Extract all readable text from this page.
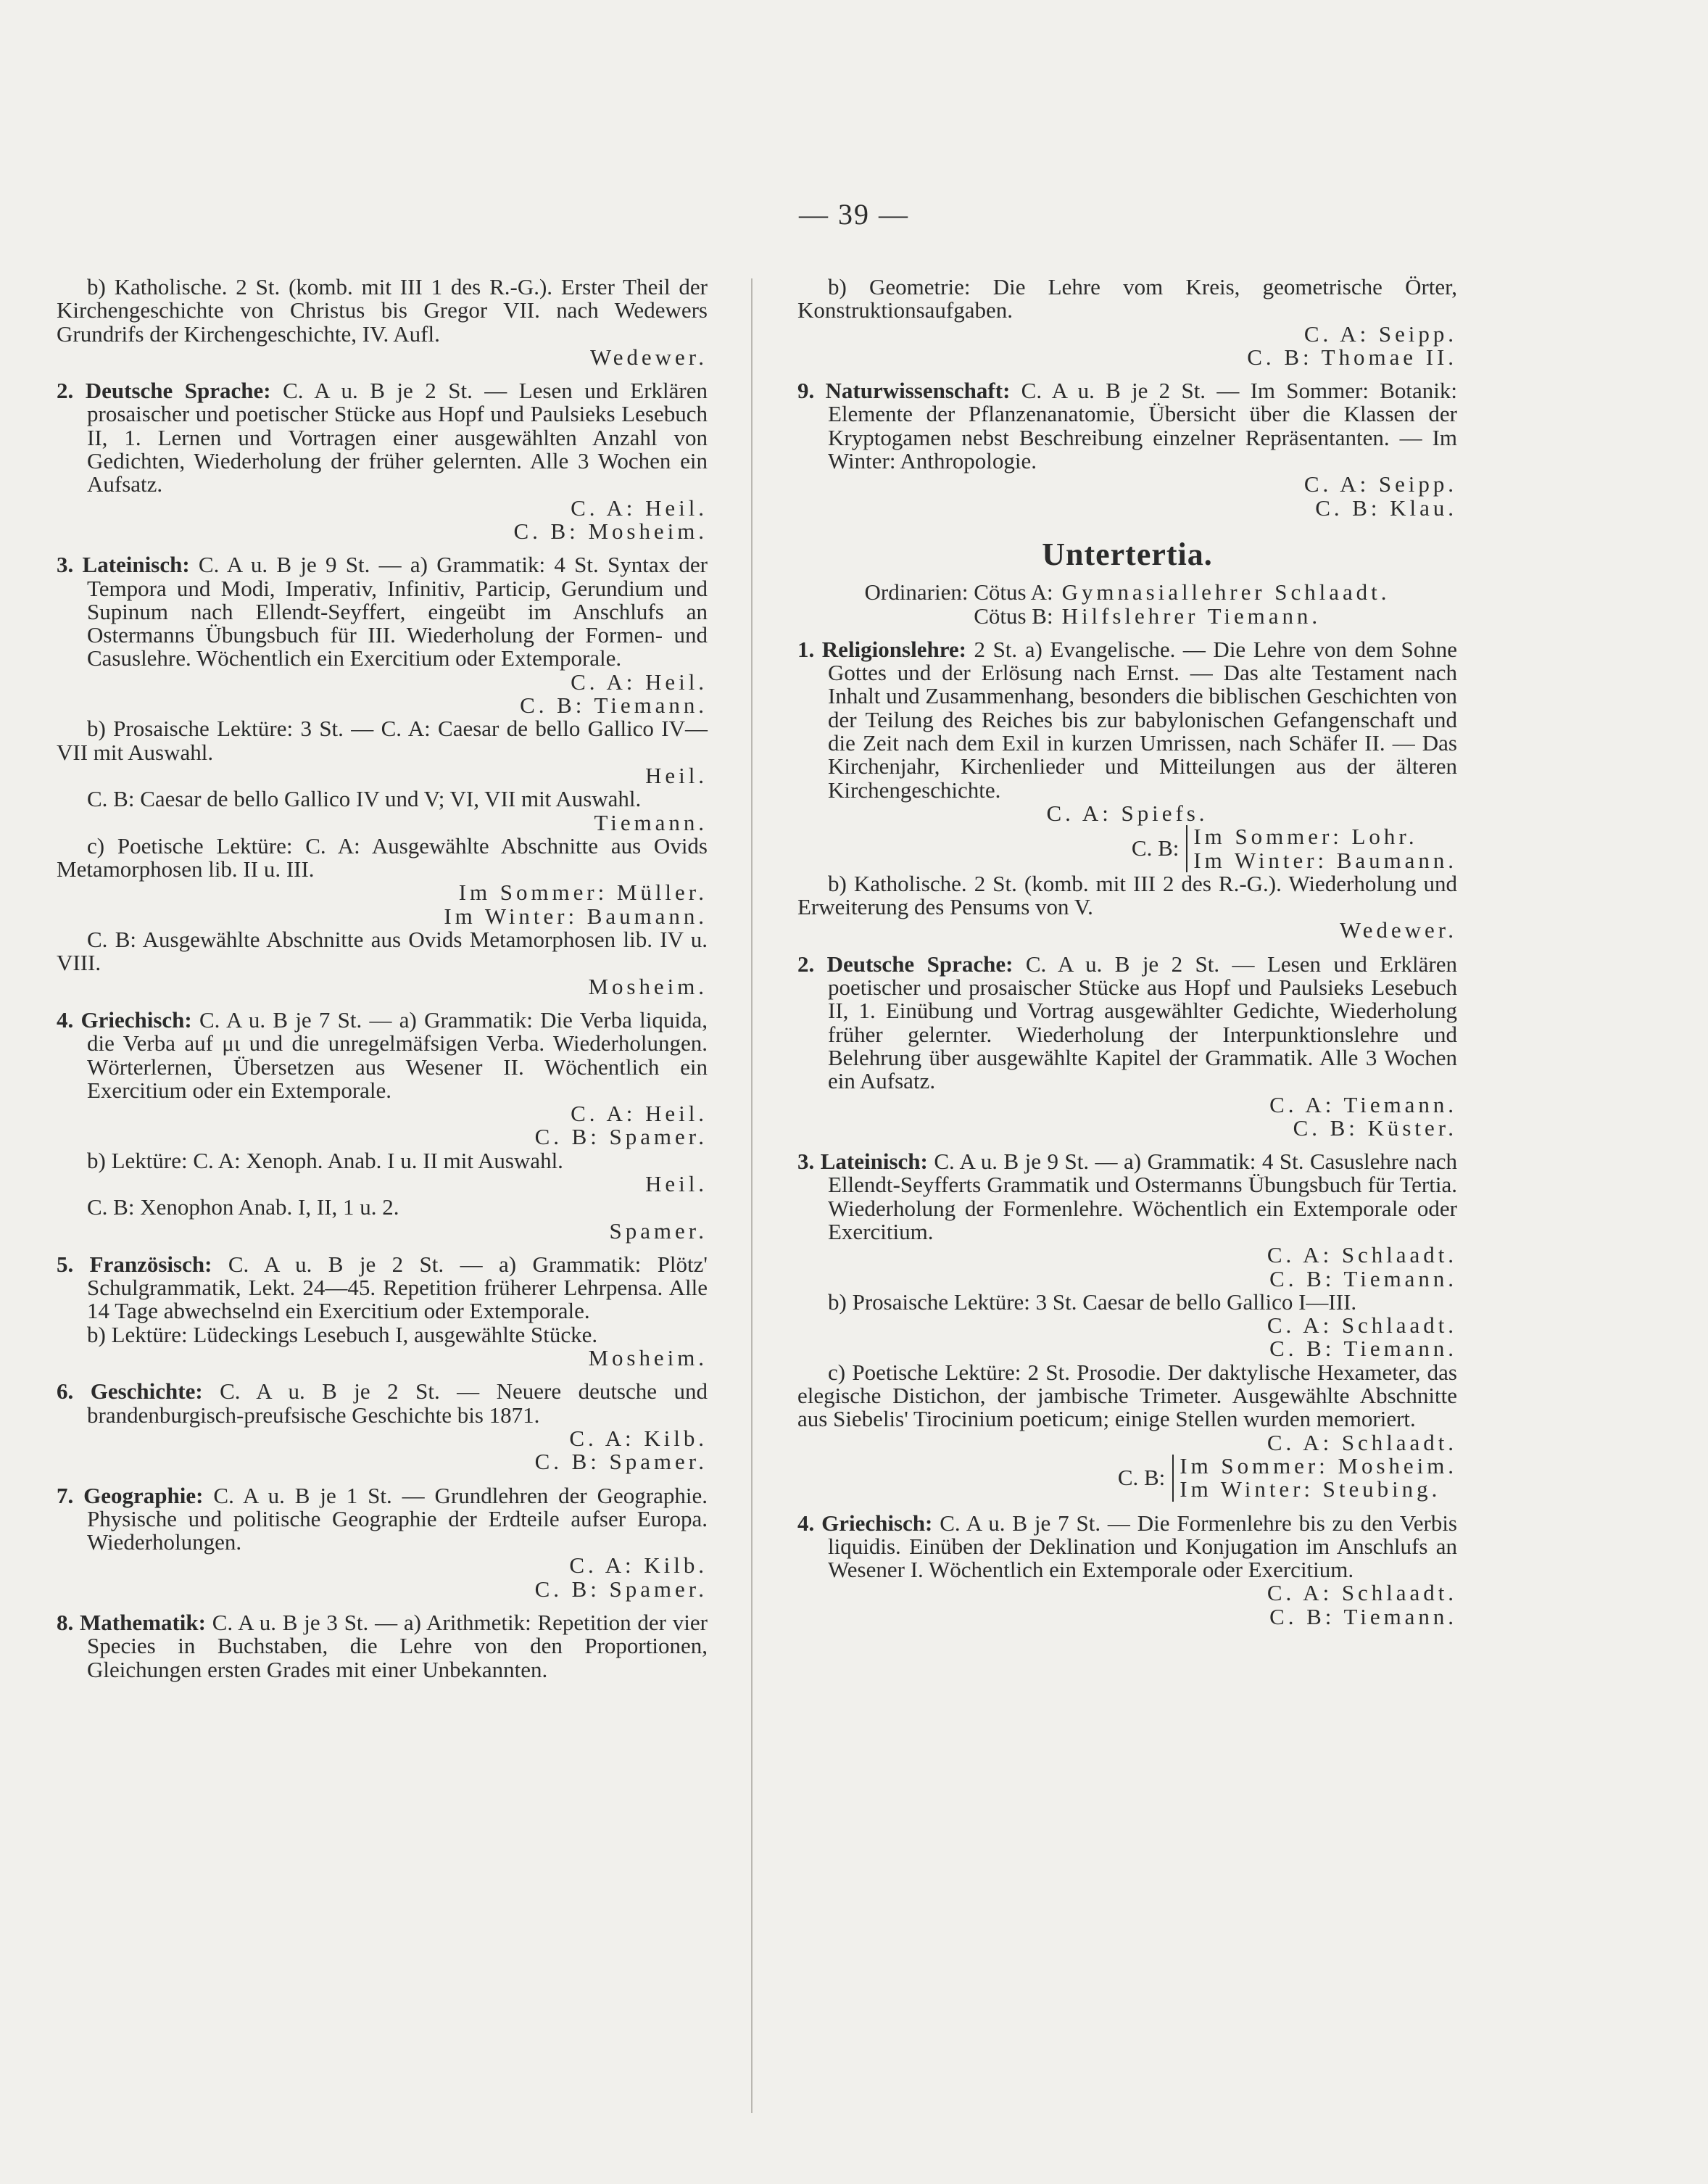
— 39 —

b) Katholische. 2 St. (komb. mit III 1 des R.-G.). Erster Theil der Kirchengeschichte von Christus bis Gregor VII. nach Wedewers Grundrifs der Kirchengeschichte, IV. Aufl.

Wedewer.

2. Deutsche Sprache: C. A u. B je 2 St. — Lesen und Erklären prosaischer und poetischer Stücke aus Hopf und Paulsieks Lesebuch II, 1. Lernen und Vortragen einer ausgewählten Anzahl von Gedichten, Wiederholung der früher gelernten. Alle 3 Wochen ein Aufsatz.

C. A: Heil.

C. B: Mosheim.

3. Lateinisch: C. A u. B je 9 St. — a) Grammatik: 4 St. Syntax der Tempora und Modi, Imperativ, Infinitiv, Particip, Gerundium und Supinum nach Ellendt-Seyffert, eingeübt im Anschlufs an Ostermanns Übungsbuch für III. Wiederholung der Formen- und Casuslehre. Wöchentlich ein Exercitium oder Extemporale.

C. A: Heil.

C. B: Tiemann.

b) Prosaische Lektüre: 3 St. — C. A: Caesar de bello Gallico IV—VII mit Auswahl.

Heil.

C. B: Caesar de bello Gallico IV und V; VI, VII mit Auswahl.

Tiemann.

c) Poetische Lektüre: C. A: Ausgewählte Abschnitte aus Ovids Metamorphosen lib. II u. III.

Im Sommer: Müller.

Im Winter: Baumann.

C. B: Ausgewählte Abschnitte aus Ovids Metamorphosen lib. IV u. VIII.

Mosheim.

4. Griechisch: C. A u. B je 7 St. — a) Grammatik: Die Verba liquida, die Verba auf μι und die unregelmäfsigen Verba. Wiederholungen. Wörterlernen, Übersetzen aus Wesener II. Wöchentlich ein Exercitium oder ein Extemporale.

C. A: Heil.

C. B: Spamer.

b) Lektüre: C. A: Xenoph. Anab. I u. II mit Auswahl.

Heil.

C. B: Xenophon Anab. I, II, 1 u. 2.

Spamer.

5. Französisch: C. A u. B je 2 St. — a) Grammatik: Plötz' Schulgrammatik, Lekt. 24—45. Repetition früherer Lehrpensa. Alle 14 Tage abwechselnd ein Exercitium oder Extemporale.

b) Lektüre: Lüdeckings Lesebuch I, ausgewählte Stücke.

Mosheim.

6. Geschichte: C. A u. B je 2 St. — Neuere deutsche und brandenburgisch-preufsische Geschichte bis 1871.

C. A: Kilb.

C. B: Spamer.

7. Geographie: C. A u. B je 1 St. — Grundlehren der Geographie. Physische und politische Geographie der Erdteile aufser Europa. Wiederholungen.

C. A: Kilb.

C. B: Spamer.

8. Mathematik: C. A u. B je 3 St. — a) Arithmetik: Repetition der vier Species in Buchstaben, die Lehre von den Proportionen, Gleichungen ersten Grades mit einer Unbekannten.

b) Geometrie: Die Lehre vom Kreis, geometrische Örter, Konstruktionsaufgaben.

C. A: Seipp.

C. B: Thomae II.

9. Naturwissenschaft: C. A u. B je 2 St. — Im Sommer: Botanik: Elemente der Pflanzenanatomie, Übersicht über die Klassen der Kryptogamen nebst Beschreibung einzelner Repräsentanten. — Im Winter: Anthropologie.

C. A: Seipp.

C. B: Klau.

Untertertia.
Ordinarien: Cötus A: Gymnasiallehrer Schlaadt.
Cötus B: Hilfslehrer Tiemann.

1. Religionslehre: 2 St. a) Evangelische. — Die Lehre von dem Sohne Gottes und der Erlösung nach Ernst. — Das alte Testament nach Inhalt und Zusammenhang, besonders die biblischen Geschichten von der Teilung des Reiches bis zur babylonischen Gefangenschaft und die Zeit nach dem Exil in kurzen Umrissen, nach Schäfer II. — Das Kirchenjahr, Kirchenlieder und Mitteilungen aus der älteren Kirchengeschichte.

C. A: Spiefs.

C. B: Im Sommer: Lohr.
Im Winter: Baumann.

b) Katholische. 2 St. (komb. mit III 2 des R.-G.). Wiederholung und Erweiterung des Pensums von V.

Wedewer.

2. Deutsche Sprache: C. A u. B je 2 St. — Lesen und Erklären poetischer und prosaischer Stücke aus Hopf und Paulsieks Lesebuch II, 1. Einübung und Vortrag ausgewählter Gedichte, Wiederholung früher gelernter. Wiederholung der Interpunktionslehre und Belehrung über ausgewählte Kapitel der Grammatik. Alle 3 Wochen ein Aufsatz.

C. A: Tiemann.

C. B: Küster.

3. Lateinisch: C. A u. B je 9 St. — a) Grammatik: 4 St. Casuslehre nach Ellendt-Seyfferts Grammatik und Ostermanns Übungsbuch für Tertia. Wiederholung der Formenlehre. Wöchentlich ein Extemporale oder Exercitium.

C. A: Schlaadt.

C. B: Tiemann.

b) Prosaische Lektüre: 3 St. Caesar de bello Gallico I—III.

C. A: Schlaadt.

C. B: Tiemann.

c) Poetische Lektüre: 2 St. Prosodie. Der daktylische Hexameter, das elegische Distichon, der jambische Trimeter. Ausgewählte Abschnitte aus Siebelis' Tirocinium poeticum; einige Stellen wurden memoriert.

C. A: Schlaadt.

C. B: Im Sommer: Mosheim.
Im Winter: Steubing.

4. Griechisch: C. A u. B je 7 St. — Die Formenlehre bis zu den Verbis liquidis. Einüben der Deklination und Konjugation im Anschlufs an Wesener I. Wöchentlich ein Extemporale oder Exercitium.

C. A: Schlaadt.

C. B: Tiemann.
